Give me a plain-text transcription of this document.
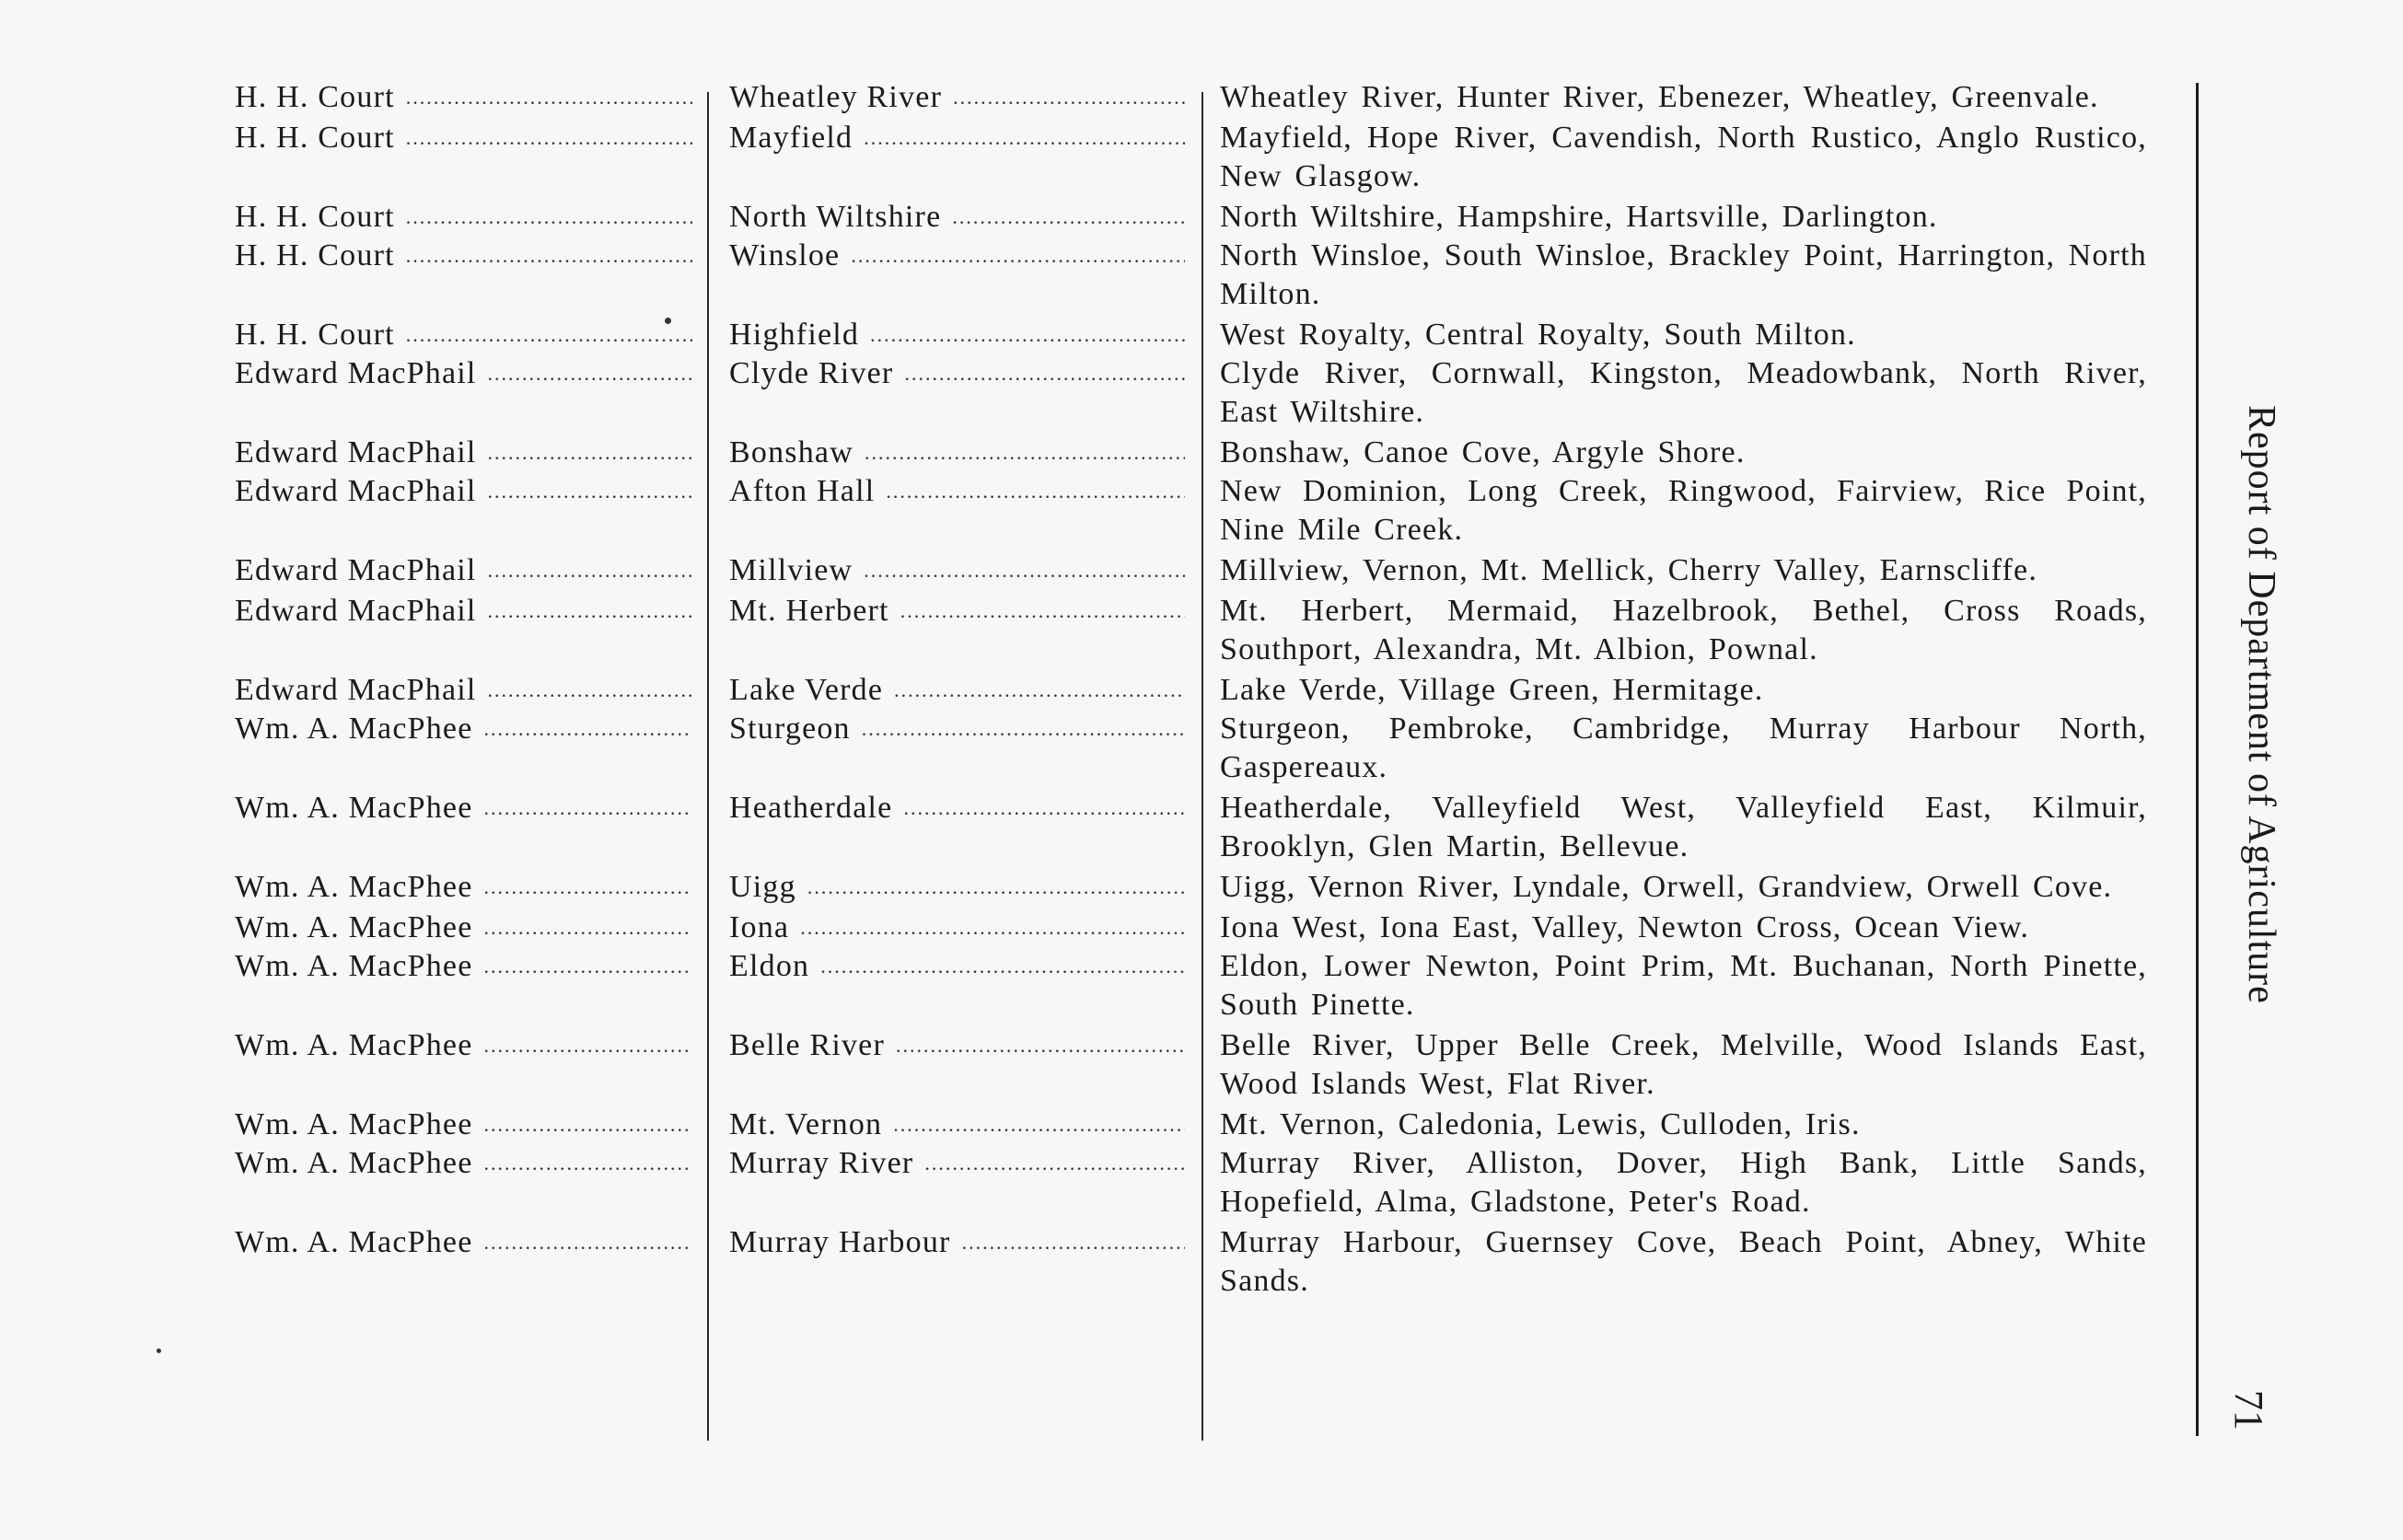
H. H. Court .....	Wheatley River .....	Wheatley River, Hunter River, Ebenezer, Wheatley, Greenvale.
H. H. Court .....	Mayfield .....	Mayfield, Hope River, Cavendish, North Rustico, Anglo Rustico, New Glasgow.
H. H. Court .....	North Wiltshire .....	North Wiltshire, Hampshire, Hartsville, Darlington.
H. H. Court .....	Winsloe .....	North Winsloe, South Winsloe, Brackley Point, Harrington, North Milton.
H. H. Court .....	Highfield .....	West Royalty, Central Royalty, South Milton.
Edward MacPhail .....	Clyde River .....	Clyde River, Cornwall, Kingston, Meadowbank, North River, East Wiltshire.
Edward MacPhail .....	Bonshaw .....	Bonshaw, Canoe Cove, Argyle Shore.
Edward MacPhail .....	Afton Hall .....	New Dominion, Long Creek, Ringwood, Fairview, Rice Point, Nine Mile Creek.
Edward MacPhail .....	Millview .....	Millview, Vernon, Mt. Mellick, Cherry Valley, Earnscliffe.
Edward MacPhail .....	Mt. Herbert .....	Mt. Herbert, Mermaid, Hazelbrook, Bethel, Cross Roads, Southport, Alexandra, Mt. Albion, Pownal.
Edward MacPhail .....	Lake Verde .....	Lake Verde, Village Green, Hermitage.
Wm. A. MacPhee .....	Sturgeon .....	Sturgeon, Pembroke, Cambridge, Murray Harbour North, Gaspereaux.
Wm. A. MacPhee .....	Heatherdale .....	Heatherdale, Valleyfield West, Valleyfield East, Kilmuir, Brooklyn, Glen Martin, Bellevue.
Wm. A. MacPhee .....	Uigg .....	Uigg, Vernon River, Lyndale, Orwell, Grandview, Orwell Cove.
Wm. A. MacPhee .....	Iona .....	Iona West, Iona East, Valley, Newton Cross, Ocean View.
Wm. A. MacPhee .....	Eldon .....	Eldon, Lower Newton, Point Prim, Mt. Buchanan, North Pinette, South Pinette.
Wm. A. MacPhee .....	Belle River .....	Belle River, Upper Belle Creek, Melville, Wood Islands East, Wood Islands West, Flat River.
Wm. A. MacPhee .....	Mt. Vernon .....	Mt. Vernon, Caledonia, Lewis, Culloden, Iris.
Wm. A. MacPhee .....	Murray River .....	Murray River, Alliston, Dover, High Bank, Little Sands, Hopefield, Alma, Gladstone, Peter's Road.
Wm. A. MacPhee .....	Murray Harbour .....	Murray Harbour, Guernsey Cove, Beach Point, Abney, White Sands.
Report of Department of Agriculture
71
